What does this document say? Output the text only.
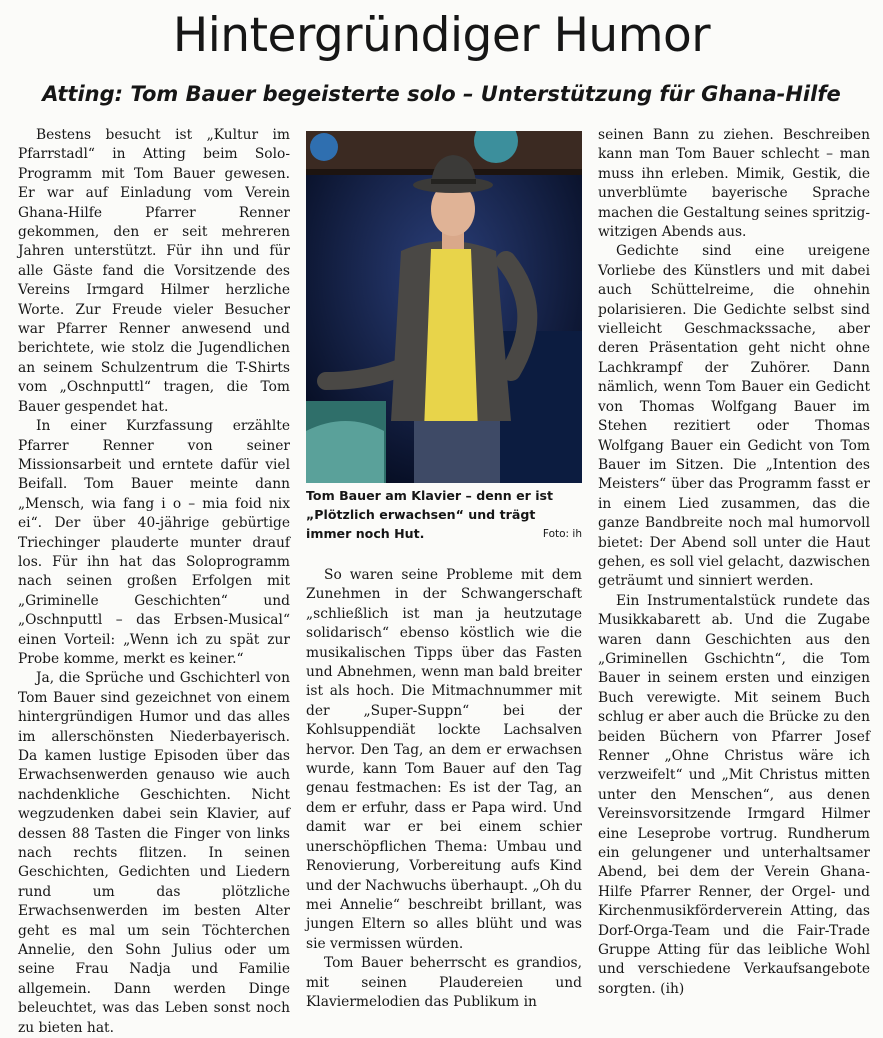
Hintergründiger Humor
Atting: Tom Bauer begeisterte solo – Unterstützung für Ghana-Hilfe

Bestens besucht ist „Kultur im Pfarrstadl“ in Atting beim Solo-Programm mit Tom Bauer gewesen. Er war auf Einladung vom Verein Ghana-Hilfe Pfarrer Renner gekommen, den er seit mehreren Jahren unterstützt. Für ihn und für alle Gäste fand die Vorsitzende des Vereins Irmgard Hilmer herzliche Worte. Zur Freude vieler Besucher war Pfarrer Renner anwesend und berichtete, wie stolz die Jugendlichen an seinem Schulzentrum die T-Shirts vom „Oschnputtl“ tragen, die Tom Bauer gespendet hat.

In einer Kurzfassung erzählte Pfarrer Renner von seiner Missionsarbeit und erntete dafür viel Beifall. Tom Bauer meinte dann „Mensch, wia fang i o – mia foid nix ei“. Der über 40-jährige gebürtige Triechinger plauderte munter drauf los. Für ihn hat das Soloprogramm nach seinen großen Erfolgen mit „Griminelle Geschichten“ und „Oschnputtl – das Erbsen-Musical“ einen Vorteil: „Wenn ich zu spät zur Probe komme, merkt es keiner.“

Ja, die Sprüche und Gschichterl von Tom Bauer sind gezeichnet von einem hintergründigen Humor und das alles im allerschönsten Niederbayerisch. Da kamen lustige Episoden über das Erwachsenwerden genauso wie auch nachdenkliche Geschichten. Nicht wegzudenken dabei sein Klavier, auf dessen 88 Tasten die Finger von links nach rechts flitzen. In seinen Geschichten, Gedichten und Liedern rund um das plötzliche Erwachsenwerden im besten Alter geht es mal um sein Töchterchen Annelie, den Sohn Julius oder um seine Frau Nadja und Familie allgemein. Dann werden Dinge beleuchtet, was das Leben sonst noch zu bieten hat.

Tom Bauer am Klavier – denn er ist „Plötzlich erwachsen“ und trägt immer noch Hut.	Foto: ih

So waren seine Probleme mit dem Zunehmen in der Schwangerschaft „schließlich ist man ja heutzutage solidarisch“ ebenso köstlich wie die musikalischen Tipps über das Fasten und Abnehmen, wenn man bald breiter ist als hoch. Die Mitmachnummer mit der „Super-Suppn“ bei der Kohlsuppendiät lockte Lachsalven hervor. Den Tag, an dem er erwachsen wurde, kann Tom Bauer auf den Tag genau festmachen: Es ist der Tag, an dem er erfuhr, dass er Papa wird. Und damit war er bei einem schier unerschöpflichen Thema: Umbau und Renovierung, Vorbereitung aufs Kind und der Nachwuchs überhaupt. „Oh du mei Annelie“ beschreibt brillant, was jungen Eltern so alles blüht und was sie vermissen würden.

Tom Bauer beherrscht es grandios, mit seinen Plaudereien und Klaviermelodien das Publikum in

seinen Bann zu ziehen. Beschreiben kann man Tom Bauer schlecht – man muss ihn erleben. Mimik, Gestik, die unverblümte bayerische Sprache machen die Gestaltung seines spritzig-witzigen Abends aus.

Gedichte sind eine ureigene Vorliebe des Künstlers und mit dabei auch Schüttelreime, die ohnehin polarisieren. Die Gedichte selbst sind vielleicht Geschmackssache, aber deren Präsentation geht nicht ohne Lachkrampf der Zuhörer. Dann nämlich, wenn Tom Bauer ein Gedicht von Thomas Wolfgang Bauer im Stehen rezitiert oder Thomas Wolfgang Bauer ein Gedicht von Tom Bauer im Sitzen. Die „Intention des Meisters“ über das Programm fasst er in einem Lied zusammen, das die ganze Bandbreite noch mal humorvoll bietet: Der Abend soll unter die Haut gehen, es soll viel gelacht, dazwischen geträumt und sinniert werden.

Ein Instrumentalstück rundete das Musikkabarett ab. Und die Zugabe waren dann Geschichten aus den „Griminellen Gschichtn“, die Tom Bauer in seinem ersten und einzigen Buch verewigte. Mit seinem Buch schlug er aber auch die Brücke zu den beiden Büchern von Pfarrer Josef Renner „Ohne Christus wäre ich verzweifelt“ und „Mit Christus mitten unter den Menschen“, aus denen Vereinsvorsitzende Irmgard Hilmer eine Leseprobe vortrug. Rundherum ein gelungener und unterhaltsamer Abend, bei dem der Verein Ghana-Hilfe Pfarrer Renner, der Orgel- und Kirchenmusikförderverein Atting, das Dorf-Orga-Team und die Fair-Trade Gruppe Atting für das leibliche Wohl und verschiedene Verkaufsangebote sorgten. (ih)
